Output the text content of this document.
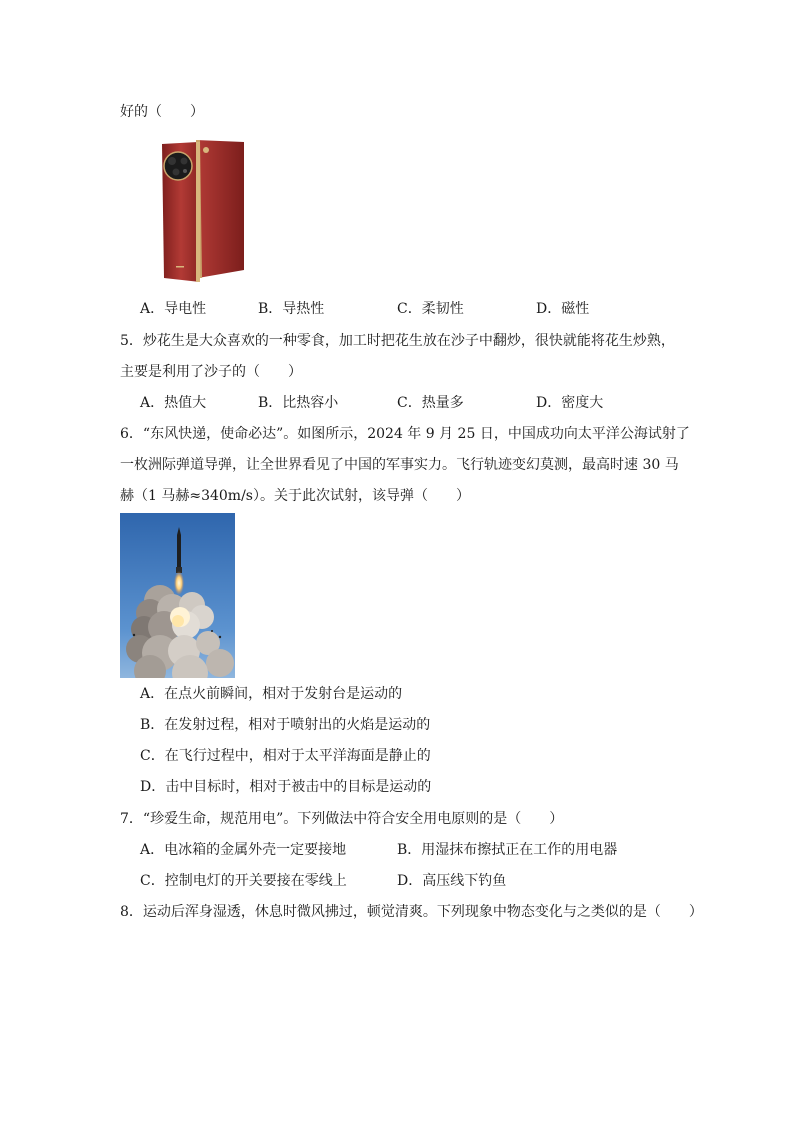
好的（　　）
A．导电性	B．导热性	C．柔韧性	D．磁性
5．炒花生是大众喜欢的一种零食，加工时把花生放在沙子中翻炒，很快就能将花生炒熟，
主要是利用了沙子的（　　）
A．热值大	B．比热容小	C．热量多	D．密度大
6．“东风快递，使命必达”。如图所示，2024 年 9 月 25 日，中国成功向太平洋公海试射了
一枚洲际弹道导弹，让全世界看见了中国的军事实力。飞行轨迹变幻莫测，最高时速 30 马
赫（1 马赫≈340m/s）。关于此次试射，该导弹（　　）
A．在点火前瞬间，相对于发射台是运动的
B．在发射过程，相对于喷射出的火焰是运动的
C．在飞行过程中，相对于太平洋海面是静止的
D．击中目标时，相对于被击中的目标是运动的
7．“珍爱生命，规范用电”。下列做法中符合安全用电原则的是（　　）
A．电冰箱的金属外壳一定要接地	B．用湿抹布擦拭正在工作的用电器
C．控制电灯的开关要接在零线上	D．高压线下钓鱼
8．运动后浑身湿透，休息时微风拂过，顿觉清爽。下列现象中物态变化与之类似的是（　　）
